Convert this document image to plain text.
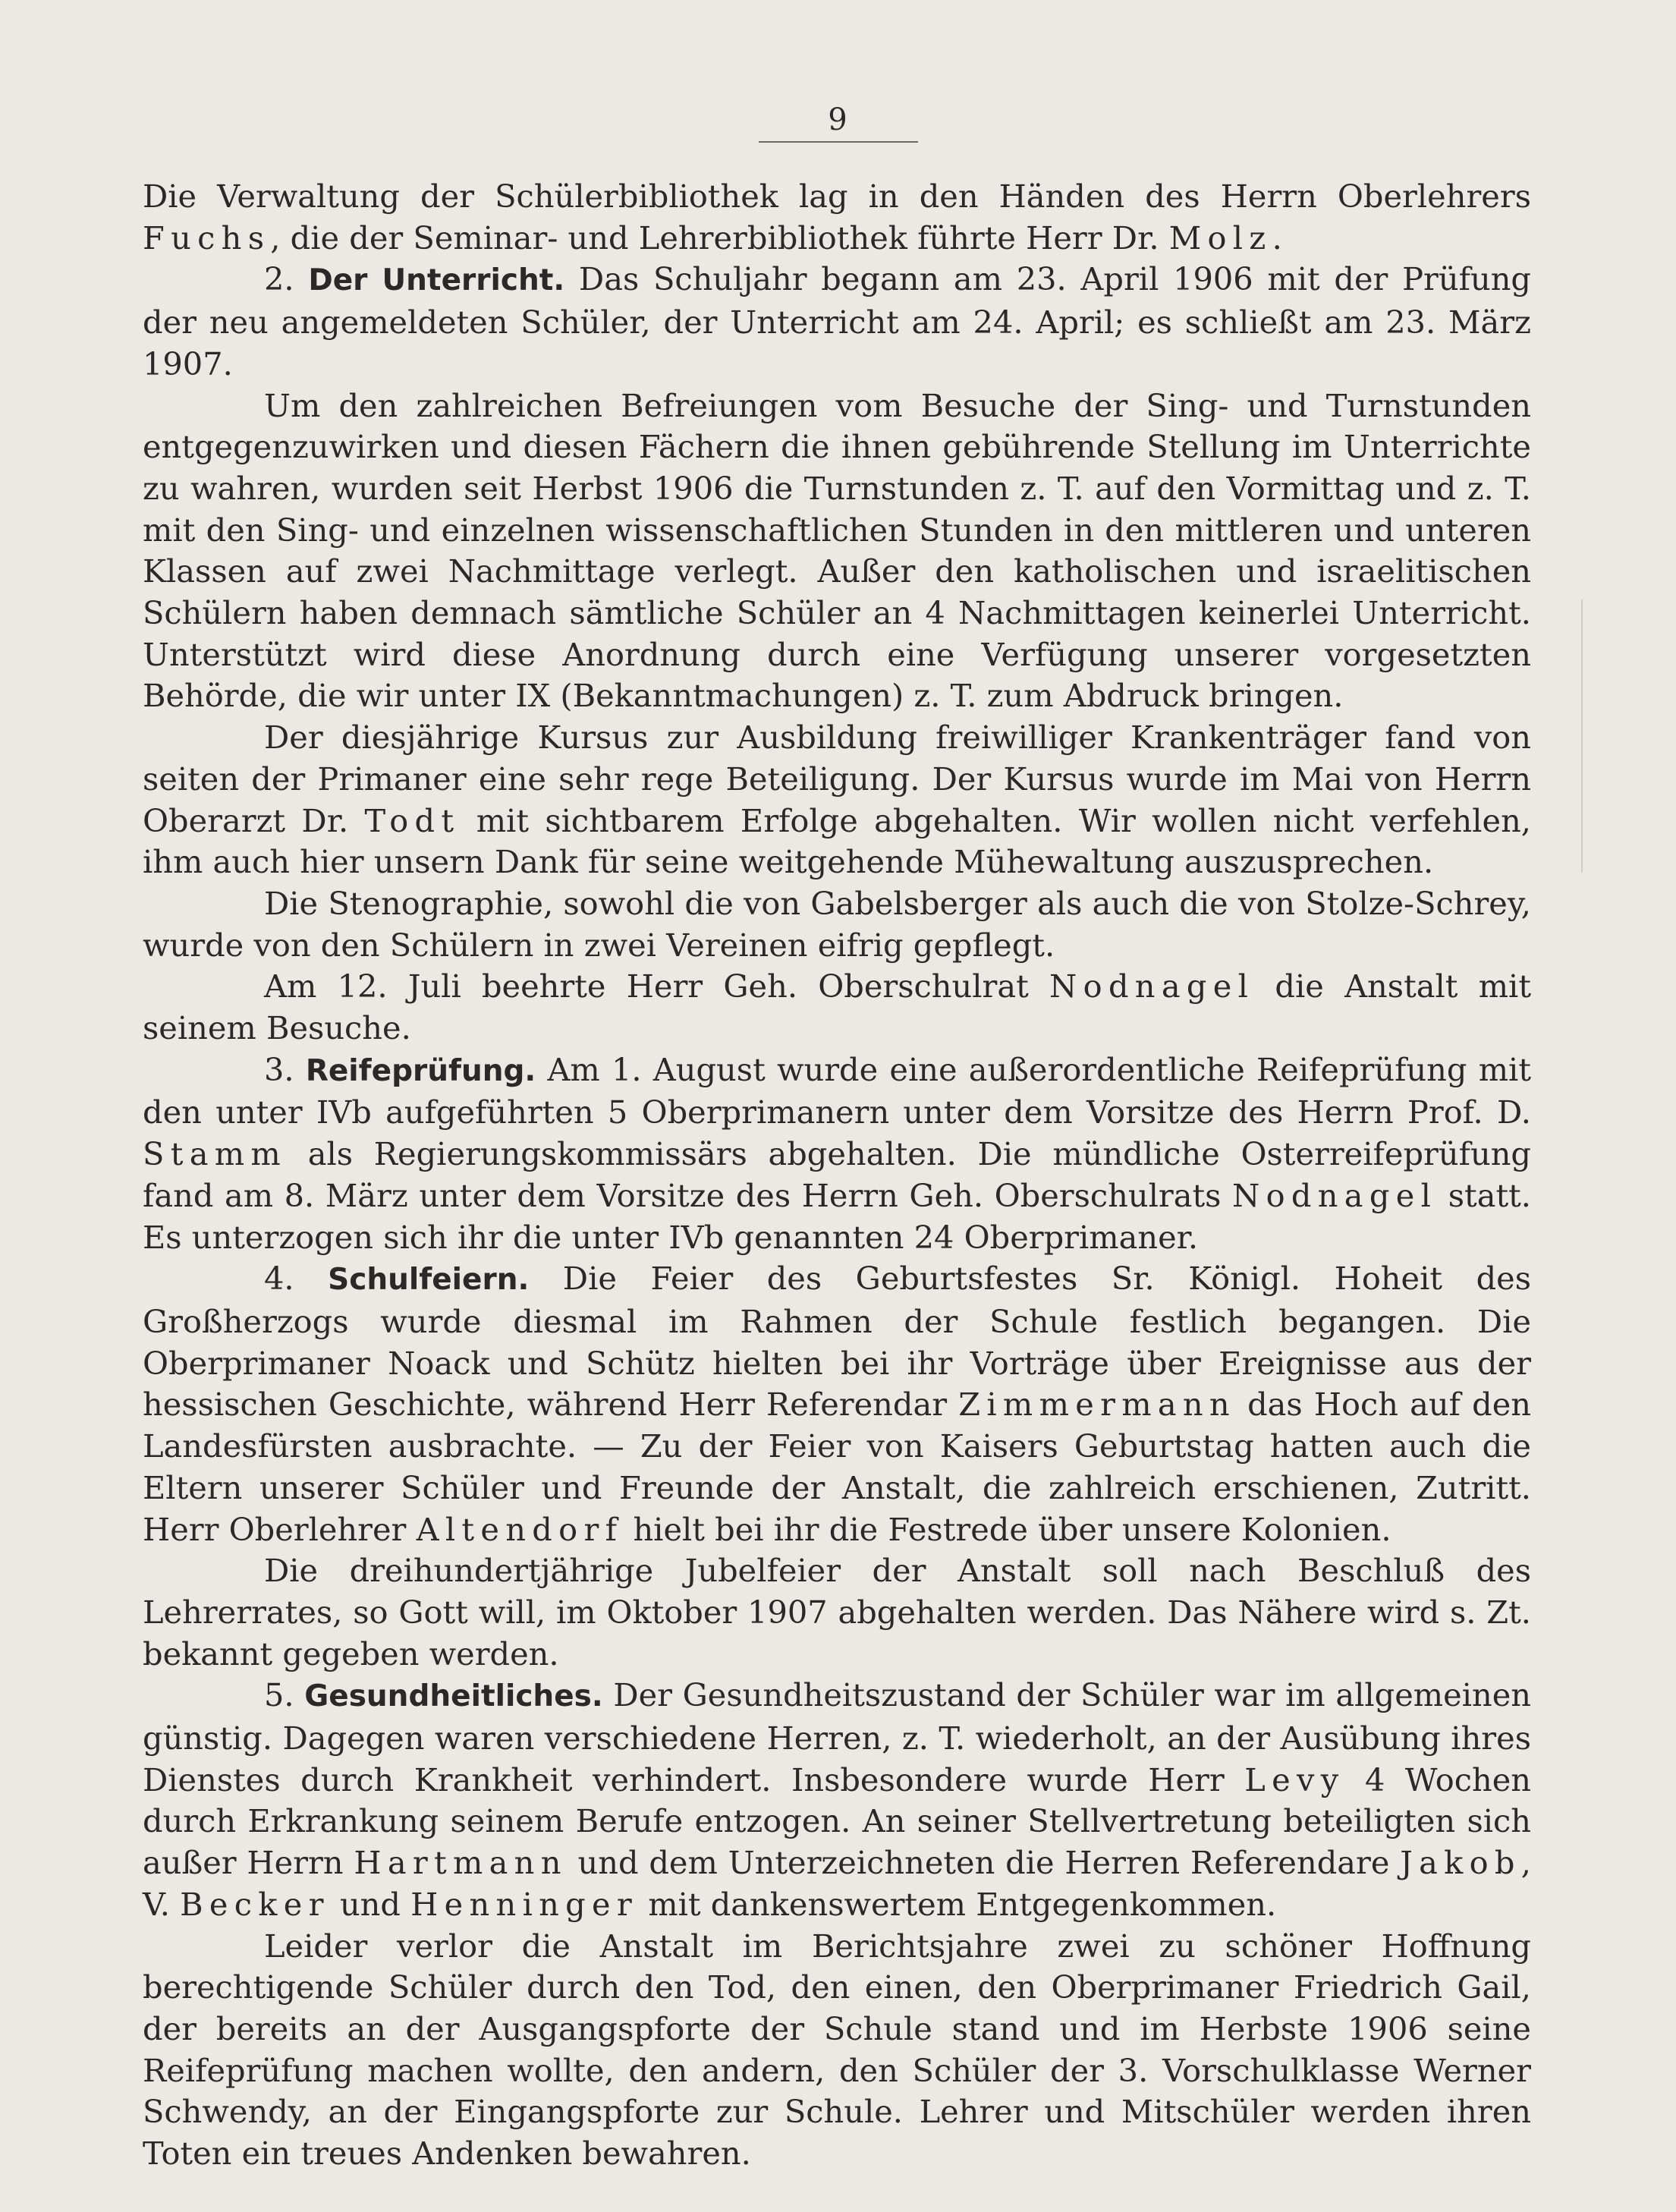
9

Die Verwaltung der Schülerbibliothek lag in den Händen des Herrn Oberlehrers Fuchs, die der Seminar- und Lehrerbibliothek führte Herr Dr. Molz.

2. Der Unterricht. Das Schuljahr begann am 23. April 1906 mit der Prüfung der neu angemeldeten Schüler, der Unterricht am 24. April; es schließt am 23. März 1907.

Um den zahlreichen Befreiungen vom Besuche der Sing- und Turnstunden entgegenzuwirken und diesen Fächern die ihnen gebührende Stellung im Unterrichte zu wahren, wurden seit Herbst 1906 die Turnstunden z. T. auf den Vormittag und z. T. mit den Sing- und einzelnen wissenschaftlichen Stunden in den mittleren und unteren Klassen auf zwei Nachmittage verlegt. Außer den katholischen und israelitischen Schülern haben demnach sämtliche Schüler an 4 Nachmittagen keinerlei Unterricht. Unterstützt wird diese Anordnung durch eine Verfügung unserer vorgesetzten Behörde, die wir unter IX (Bekanntmachungen) z. T. zum Abdruck bringen.

Der diesjährige Kursus zur Ausbildung freiwilliger Krankenträger fand von seiten der Primaner eine sehr rege Beteiligung. Der Kursus wurde im Mai von Herrn Oberarzt Dr. Todt mit sichtbarem Erfolge abgehalten. Wir wollen nicht verfehlen, ihm auch hier unsern Dank für seine weitgehende Mühewaltung auszusprechen.

Die Stenographie, sowohl die von Gabelsberger als auch die von Stolze-Schrey, wurde von den Schülern in zwei Vereinen eifrig gepflegt.

Am 12. Juli beehrte Herr Geh. Oberschulrat Nodnagel die Anstalt mit seinem Besuche.

3. Reifeprüfung. Am 1. August wurde eine außerordentliche Reifeprüfung mit den unter IVb aufgeführten 5 Oberprimanern unter dem Vorsitze des Herrn Prof. D. Stamm als Regierungskommissärs abgehalten. Die mündliche Osterreifeprüfung fand am 8. März unter dem Vorsitze des Herrn Geh. Oberschulrats Nodnagel statt. Es unterzogen sich ihr die unter IVb genannten 24 Oberprimaner.

4. Schulfeiern. Die Feier des Geburtsfestes Sr. Königl. Hoheit des Großherzogs wurde diesmal im Rahmen der Schule festlich begangen. Die Oberprimaner Noack und Schütz hielten bei ihr Vorträge über Ereignisse aus der hessischen Geschichte, während Herr Referendar Zimmermann das Hoch auf den Landesfürsten ausbrachte. — Zu der Feier von Kaisers Geburtstag hatten auch die Eltern unserer Schüler und Freunde der Anstalt, die zahlreich erschienen, Zutritt. Herr Oberlehrer Altendorf hielt bei ihr die Festrede über unsere Kolonien.

Die dreihundertjährige Jubelfeier der Anstalt soll nach Beschluß des Lehrerrates, so Gott will, im Oktober 1907 abgehalten werden. Das Nähere wird s. Zt. bekannt gegeben werden.

5. Gesundheitliches. Der Gesundheitszustand der Schüler war im allgemeinen günstig. Dagegen waren verschiedene Herren, z. T. wiederholt, an der Ausübung ihres Dienstes durch Krankheit verhindert. Insbesondere wurde Herr Levy 4 Wochen durch Erkrankung seinem Berufe entzogen. An seiner Stellvertretung beteiligten sich außer Herrn Hartmann und dem Unterzeichneten die Herren Referendare Jakob, V. Becker und Henninger mit dankenswertem Entgegenkommen.

Leider verlor die Anstalt im Berichtsjahre zwei zu schöner Hoffnung berechtigende Schüler durch den Tod, den einen, den Oberprimaner Friedrich Gail, der bereits an der Ausgangspforte der Schule stand und im Herbste 1906 seine Reifeprüfung machen wollte, den andern, den Schüler der 3. Vorschulklasse Werner Schwendy, an der Eingangspforte zur Schule. Lehrer und Mitschüler werden ihren Toten ein treues Andenken bewahren.
